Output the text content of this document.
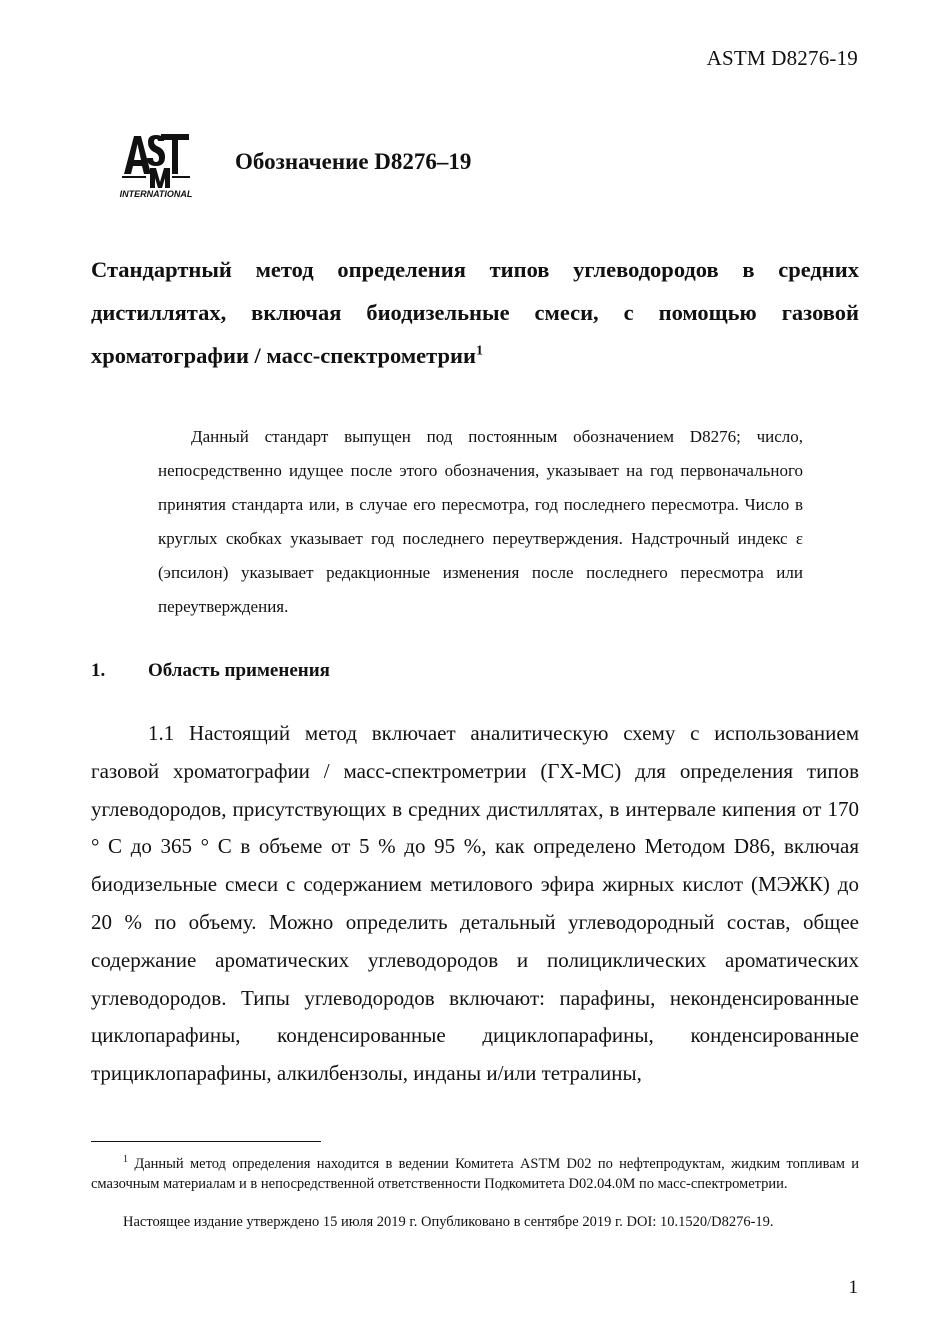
ASTM D8276-19
INTERNATIONAL
Обозначение D8276–19
Стандартный метод определения типов углеводородов в средних дистиллятах, включая биодизельные смеси, с помощью газовой хроматографии / масс-спектрометрии$^1$
Данный стандарт выпущен под постоянным обозначением D8276; число, непосредственно идущее после этого обозначения, указывает на год первоначального принятия стандарта или, в случае его пересмотра, год последнего пересмотра. Число в круглых скобках указывает год последнего переутверждения. Надстрочный индекс ε (эпсилон) указывает редакционные изменения после последнего пересмотра или переутверждения.
1. Область применения
1.1 Настоящий метод включает аналитическую схему с использованием газовой хроматографии / масс-спектрометрии (ГХ-МС) для определения типов углеводородов, присутствующих в средних дистиллятах, в интервале кипения от 170 ° С до 365 ° С в объеме от 5 % до 95 %, как определено Методом D86, включая биодизельные смеси с содержанием метилового эфира жирных кислот (МЭЖК) до 20 % по объему. Можно определить детальный углеводородный состав, общее содержание ароматических углеводородов и полициклических ароматических углеводородов. Типы углеводородов включают: парафины, неконденсированные циклопарафины, конденсированные дициклопарафины, конденсированные трициклопарафины, алкилбензолы, инданы и/или тетралины,
$^1$ Данный метод определения находится в ведении Комитета ASTM D02 по нефтепродуктам, жидким топливам и смазочным материалам и в непосредственной ответственности Подкомитета D02.04.0M по масс-спектрометрии.
Настоящее издание утверждено 15 июля 2019 г. Опубликовано в сентябре 2019 г. DOI: 10.1520/D8276-19.
1
